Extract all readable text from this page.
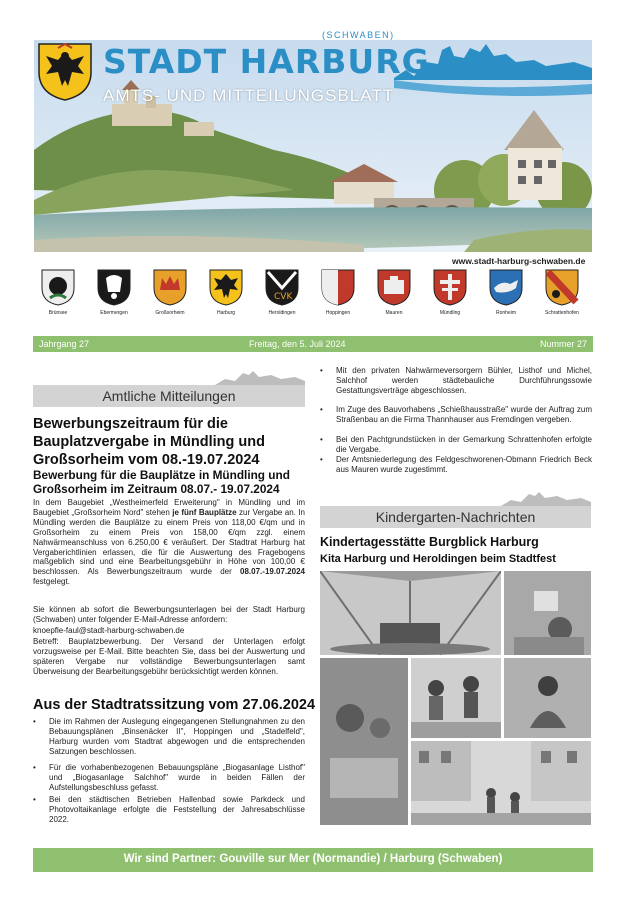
STADT HARBURG
(SCHWABEN)
AMTS- UND MITTEILUNGSBLATT
www.stadt-harburg-schwaben.de
Brünsee	Ebermergen	Großsorheim	Harburg
CVK
Heroldingen	Hoppingen	Mauren	Mündling	Ronheim	Schrattenhofen
Jahrgang 27	Freitag, den 5. Juli 2024	Nummer 27
Amtliche Mitteilungen
Bewerbungszeitraum für die
Bauplatzvergabe in Mündling und
Großsorheim vom 08.-19.07.2024
Bewerbung für die Bauplätze in Mündling und
Großsorheim im Zeitraum 08.07.- 19.07.2024
In dem Baugebiet „Westheimerfeld Erweiterung" in Mündling und im Baugebiet „Großsorheim Nord" stehen je fünf Bauplätze zur Vergabe an. In Mündling werden die Bauplätze zu einem Preis von 118,00 €/qm und in Großsorheim zu einem Preis von 158,00 €/qm zzgl. einem Nahwärmeanschluss von 6.250,00 € veräußert. Der Stadtrat Harburg hat Vergaberichtlinien erlassen, die für die Auswertung des Fragebogens maßgeblich sind und eine Bearbeitungsgebühr in Höhe von 100,00 € beschlossen. Als Bewerbungszeitraum wurde der 08.07.-19.07.2024 festgelegt.
Sie können ab sofort die Bewerbungsunterlagen bei der Stadt Harburg (Schwaben) unter folgender E-Mail-Adresse anfordern:
knoepfle-faul@stadt-harburg-schwaben.de
Betreff: Bauplatzbewerbung. Der Versand der Unterlagen erfolgt vorzugsweise per E-Mail. Bitte beachten Sie, dass bei der Auswertung und späteren Vergabe nur vollständige Bewerbungsunterlagen samt Überweisung der Bearbeitungsgebühr berücksichtigt werden können.
Aus der Stadtratssitzung vom 27.06.2024
• Die im Rahmen der Auslegung eingegangenen Stellungnahmen zu den Bebauungsplänen „Binsenäcker II", Hoppingen und „Stadelfeld", Harburg wurden vom Stadtrat abgewogen und die entsprechenden Satzungen beschlossen.
• Für die vorhabenbezogenen Bebauungspläne „Biogasanlage Listhof" und „Biogasanlage Salchhof" wurde in beiden Fällen der Aufstellungsbeschluss gefasst.
• Bei den städtischen Betrieben Hallenbad sowie Parkdeck und Photovoltaikanlage erfolgte die Feststellung der Jahresabschlüsse 2022.
• Mit den privaten Nahwärmeversorgern Bühler, Listhof und Michel, Salchhof werden städtebauliche Durchführungssowie Gestattungsverträge abgeschlossen.
• Im Zuge des Bauvorhabens „Schießhausstraße" wurde der Auftrag zum Straßenbau an die Firma Thannhauser aus Fremdingen vergeben.
• Bei den Pachtgrundstücken in der Gemarkung Schrattenhofen erfolgte die Vergabe.
• Der Amtsniederlegung des Feldgeschworenen-Obmann Friedrich Beck aus Mauren wurde zugestimmt.
Kindergarten-Nachrichten
Kindertagesstätte Burgblick Harburg
Kita Harburg und Heroldingen beim Stadtfest
Wir sind Partner: Gouville sur Mer (Normandie) / Harburg (Schwaben)
